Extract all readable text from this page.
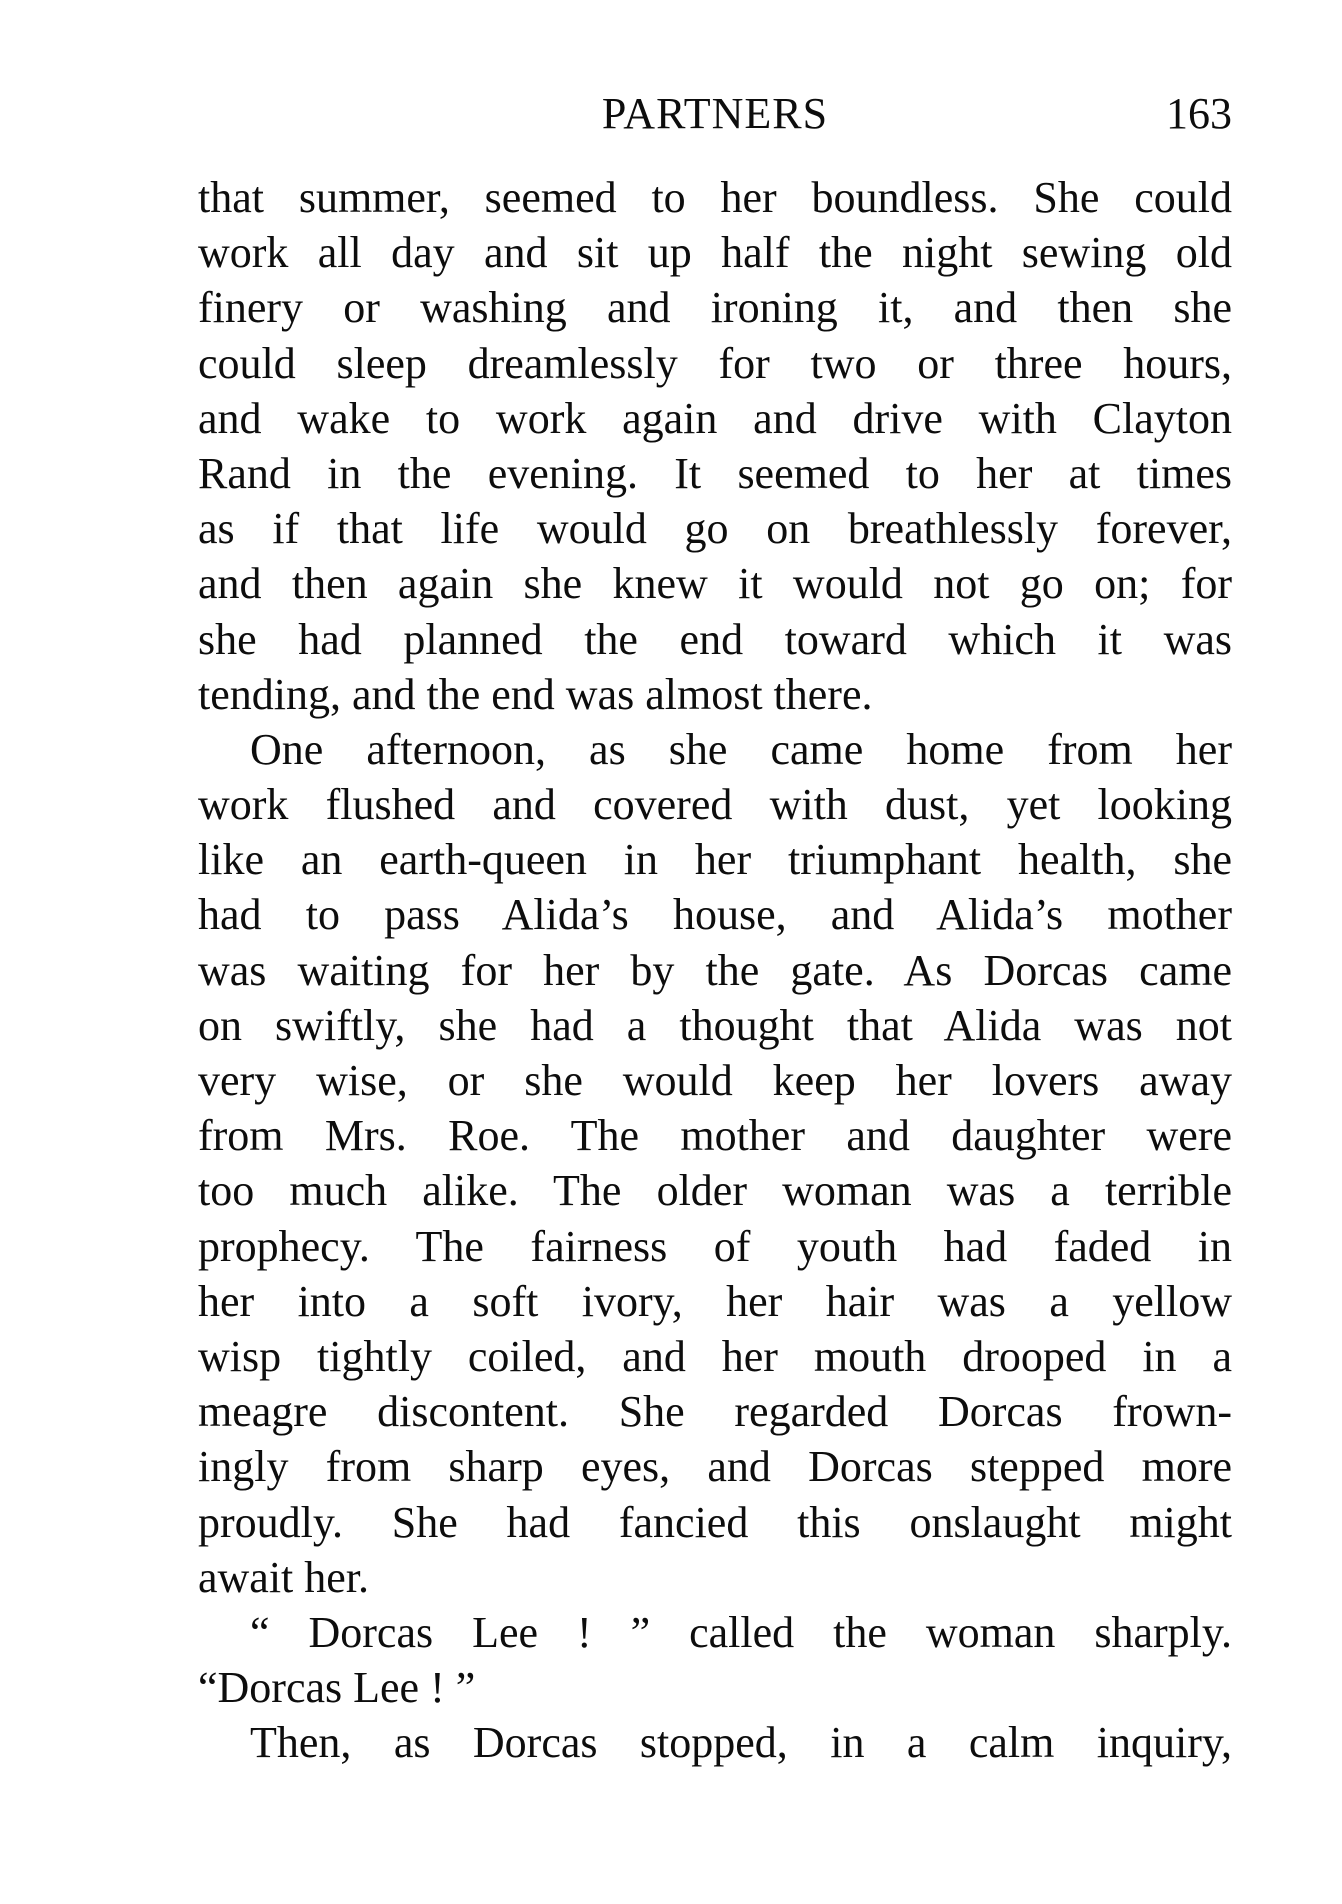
PARTNERS	163
that summer, seemed to her boundless. She could
work all day and sit up half the night sewing old
finery or washing and ironing it, and then she
could sleep dreamlessly for two or three hours,
and wake to work again and drive with Clayton
Rand in the evening. It seemed to her at times
as if that life would go on breathlessly forever,
and then again she knew it would not go on; for
she had planned the end toward which it was
tending, and the end was almost there.
One afternoon, as she came home from her
work flushed and covered with dust, yet looking
like an earth-queen in her triumphant health, she
had to pass Alida’s house, and Alida’s mother
was waiting for her by the gate. As Dorcas came
on swiftly, she had a thought that Alida was not
very wise, or she would keep her lovers away
from Mrs. Roe. The mother and daughter were
too much alike. The older woman was a terrible
prophecy. The fairness of youth had faded in
her into a soft ivory, her hair was a yellow
wisp tightly coiled, and her mouth drooped in a
meagre discontent. She regarded Dorcas frown-
ingly from sharp eyes, and Dorcas stepped more
proudly. She had fancied this onslaught might
await her.
“ Dorcas Lee ! ” called the woman sharply.
“Dorcas Lee ! ”
Then, as Dorcas stopped, in a calm inquiry,
